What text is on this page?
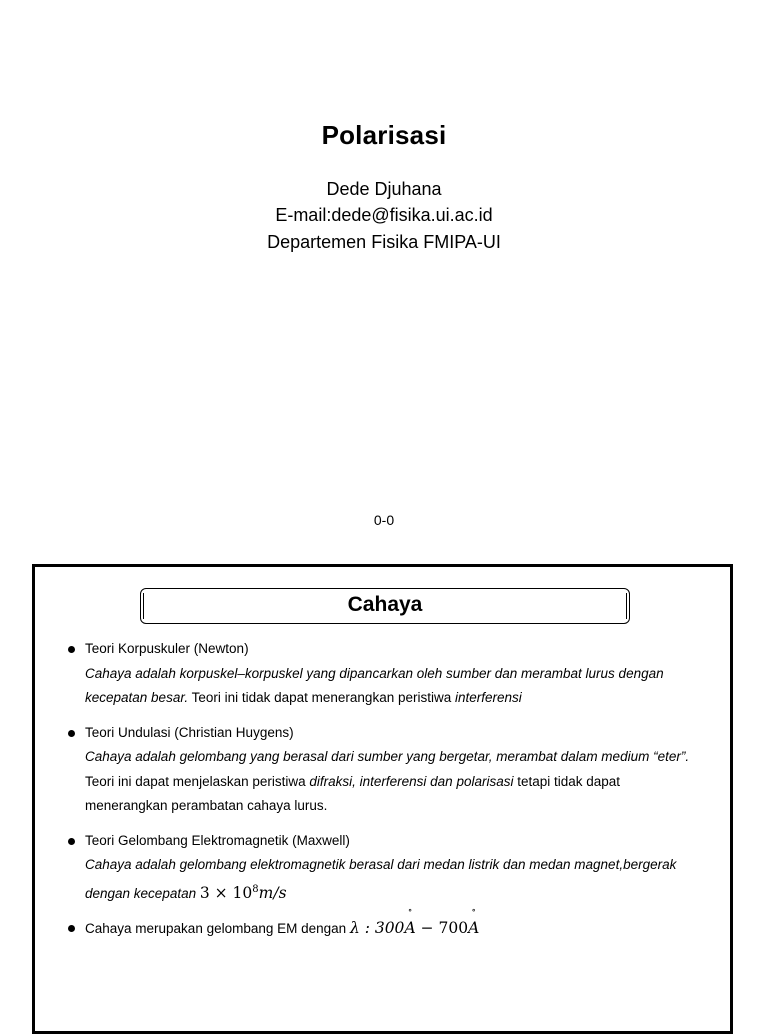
Polarisasi
Dede Djuhana
E-mail:dede@fisika.ui.ac.id
Departemen Fisika FMIPA-UI
0-0
Cahaya
Teori Korpuskuler (Newton)
Cahaya adalah korpuskel–korpuskel yang dipancarkan oleh sumber dan merambat lurus dengan
kecepatan besar. Teori ini tidak dapat menerangkan peristiwa interferensi
Teori Undulasi (Christian Huygens)
Cahaya adalah gelombang yang berasal dari sumber yang bergetar, merambat dalam medium “eter”.
Teori ini dapat menjelaskan peristiwa difraksi, interferensi dan polarisasi tetapi tidak dapat
menerangkan perambatan cahaya lurus.
Teori Gelombang Elektromagnetik (Maxwell)
Cahaya adalah gelombang elektromagnetik berasal dari medan listrik dan medan magnet,bergerak
dengan kecepatan $3 \times 10^8m/s$
Cahaya merupakan gelombang EM dengan λ : 300
∘
A − 700
∘
A
